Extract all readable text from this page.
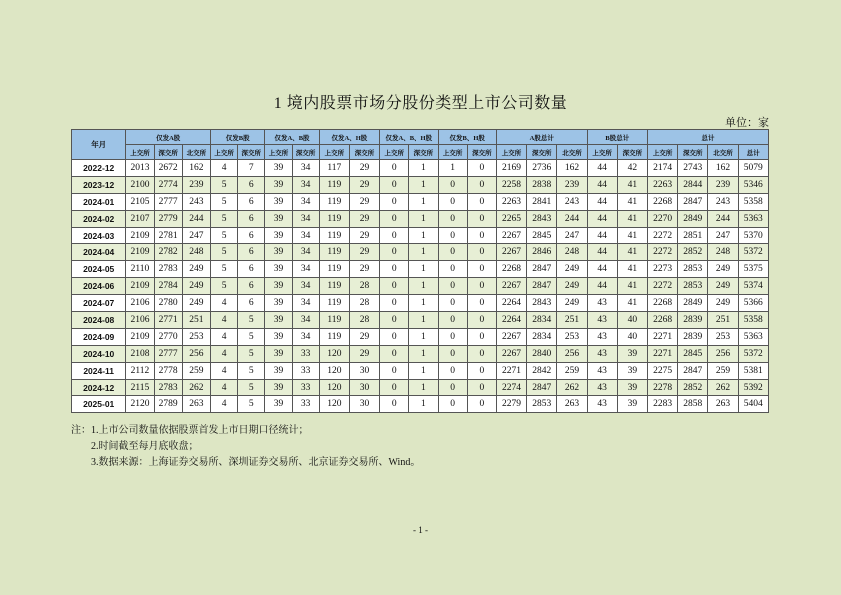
1 境内股票市场分股份类型上市公司数量
单位：家
年月	仅发A股			仅发B股		仅发A、B股		仅发A、H股		仅发A、B、H股		仅发B、H股		A股总计			B股总计		总计			
	上交所	深交所	北交所	上交所	深交所	上交所	深交所	上交所	深交所	上交所	深交所	上交所	深交所	上交所	深交所	北交所	上交所	深交所	上交所	深交所	北交所	总计
2022-12	2013	2672	162	4	7	39	34	117	29	0	1	1	0	2169	2736	162	44	42	2174	2743	162	5079
2023-12	2100	2774	239	5	6	39	34	119	29	0	1	0	0	2258	2838	239	44	41	2263	2844	239	5346
2024-01	2105	2777	243	5	6	39	34	119	29	0	1	0	0	2263	2841	243	44	41	2268	2847	243	5358
2024-02	2107	2779	244	5	6	39	34	119	29	0	1	0	0	2265	2843	244	44	41	2270	2849	244	5363
2024-03	2109	2781	247	5	6	39	34	119	29	0	1	0	0	2267	2845	247	44	41	2272	2851	247	5370
2024-04	2109	2782	248	5	6	39	34	119	29	0	1	0	0	2267	2846	248	44	41	2272	2852	248	5372
2024-05	2110	2783	249	5	6	39	34	119	29	0	1	0	0	2268	2847	249	44	41	2273	2853	249	5375
2024-06	2109	2784	249	5	6	39	34	119	28	0	1	0	0	2267	2847	249	44	41	2272	2853	249	5374
2024-07	2106	2780	249	4	6	39	34	119	28	0	1	0	0	2264	2843	249	43	41	2268	2849	249	5366
2024-08	2106	2771	251	4	5	39	34	119	28	0	1	0	0	2264	2834	251	43	40	2268	2839	251	5358
2024-09	2109	2770	253	4	5	39	34	119	29	0	1	0	0	2267	2834	253	43	40	2271	2839	253	5363
2024-10	2108	2777	256	4	5	39	33	120	29	0	1	0	0	2267	2840	256	43	39	2271	2845	256	5372
2024-11	2112	2778	259	4	5	39	33	120	30	0	1	0	0	2271	2842	259	43	39	2275	2847	259	5381
2024-12	2115	2783	262	4	5	39	33	120	30	0	1	0	0	2274	2847	262	43	39	2278	2852	262	5392
2025-01	2120	2789	263	4	5	39	33	120	30	0	1	0	0	2279	2853	263	43	39	2283	2858	263	5404
注：1.上市公司数量依据股票首发上市日期口径统计；
2.时间截至每月底收盘；
3.数据来源：上海证券交易所、深圳证券交易所、北京证券交易所、Wind。
- 1 -
